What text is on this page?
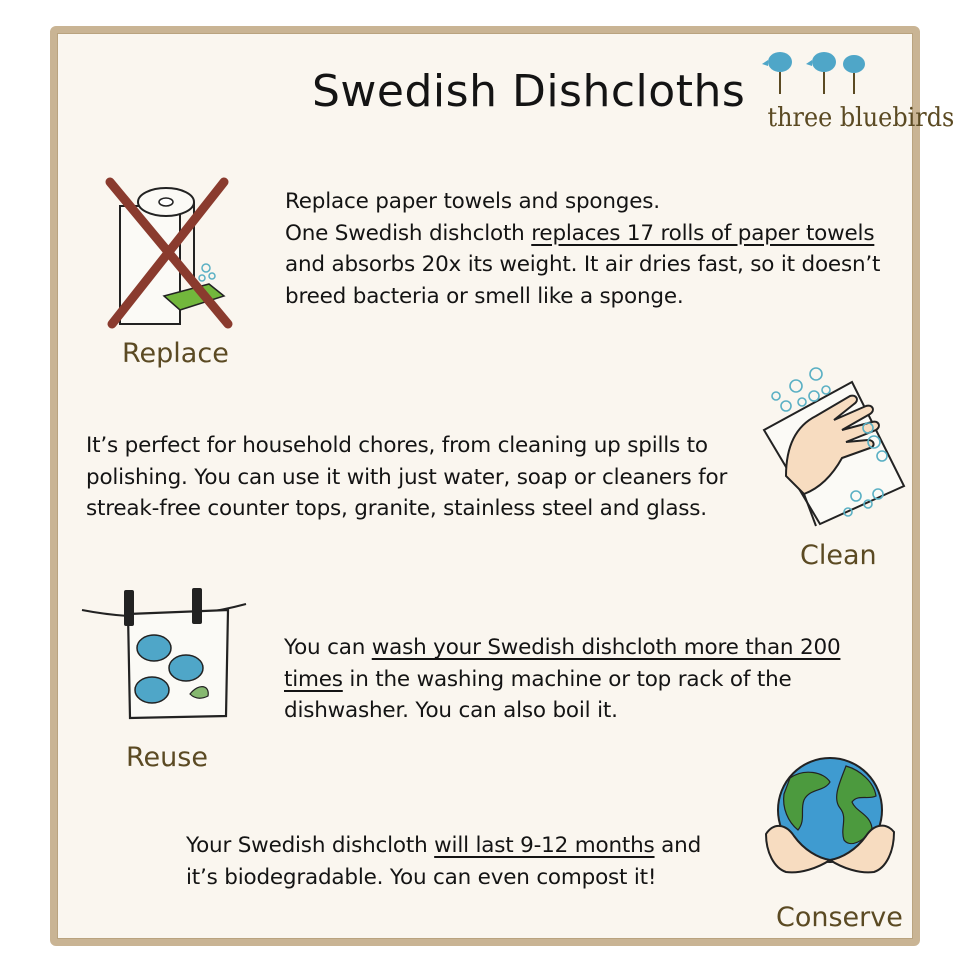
Swedish Dishcloths
three bluebirds
Replace
Replace paper towels and sponges.
One Swedish dishcloth replaces 17 rolls of paper towels
and absorbs 20x its weight. It air dries fast, so it doesn’t
breed bacteria or smell like a sponge.
It’s perfect for household chores, from cleaning up spills to
polishing. You can use it with just water, soap or cleaners for
streak-free counter tops, granite, stainless steel and glass.
Clean
Reuse
You can wash your Swedish dishcloth more than 200
times in the washing machine or top rack of the
dishwasher. You can also boil it.
Your Swedish dishcloth will last 9-12 months and
it’s biodegradable. You can even compost it!
Conserve
